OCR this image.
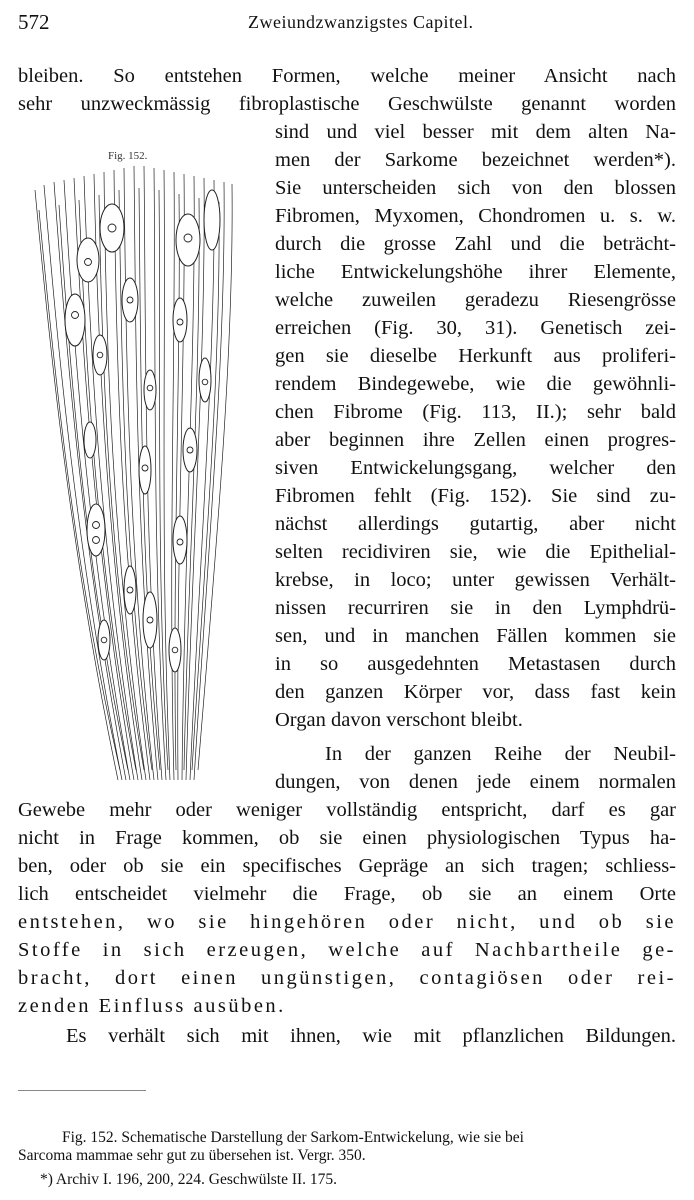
572	Zweiundzwanzigstes Capitel.
bleiben. So entstehen Formen, welche meiner Ansicht nach
sehr unzweckmässig fibroplastische Geschwülste genannt worden
sind und viel besser mit dem alten Na-
men der Sarkome bezeichnet werden*).
Sie unterscheiden sich von den blossen
Fibromen, Myxomen, Chondromen u. s. w.
durch die grosse Zahl und die beträcht-
liche Entwickelungshöhe ihrer Elemente,
welche zuweilen geradezu Riesengrösse
erreichen (Fig. 30, 31). Genetisch zei-
gen sie dieselbe Herkunft aus proliferi-
rendem Bindegewebe, wie die gewöhnli-
chen Fibrome (Fig. 113, II.); sehr bald
aber beginnen ihre Zellen einen progres-
siven Entwickelungsgang, welcher den
Fibromen fehlt (Fig. 152). Sie sind zu-
nächst allerdings gutartig, aber nicht
selten recidiviren sie, wie die Epithelial-
krebse, in loco; unter gewissen Verhält-
nissen recurriren sie in den Lymphdrü-
sen, und in manchen Fällen kommen sie
in so ausgedehnten Metastasen durch
den ganzen Körper vor, dass fast kein
Organ davon verschont bleibt.
In der ganzen Reihe der Neubil-
dungen, von denen jede einem normalen
Gewebe mehr oder weniger vollständig entspricht, darf es gar
nicht in Frage kommen, ob sie einen physiologischen Typus ha-
ben, oder ob sie ein specifisches Gepräge an sich tragen; schliess-
lich entscheidet vielmehr die Frage, ob sie an einem Orte
entstehen, wo sie hingehören oder nicht, und ob sie
Stoffe in sich erzeugen, welche auf Nachbartheile ge-
bracht, dort einen ungünstigen, contagiösen oder rei-
zenden Einfluss ausüben.
Es verhält sich mit ihnen, wie mit pflanzlichen Bildungen.
Fig. 152.
Fig. 152. Schematische Darstellung der Sarkom-Entwickelung, wie sie bei
Sarcoma mammae sehr gut zu übersehen ist. Vergr. 350.
*) Archiv I. 196, 200, 224. Geschwülste II. 175.
